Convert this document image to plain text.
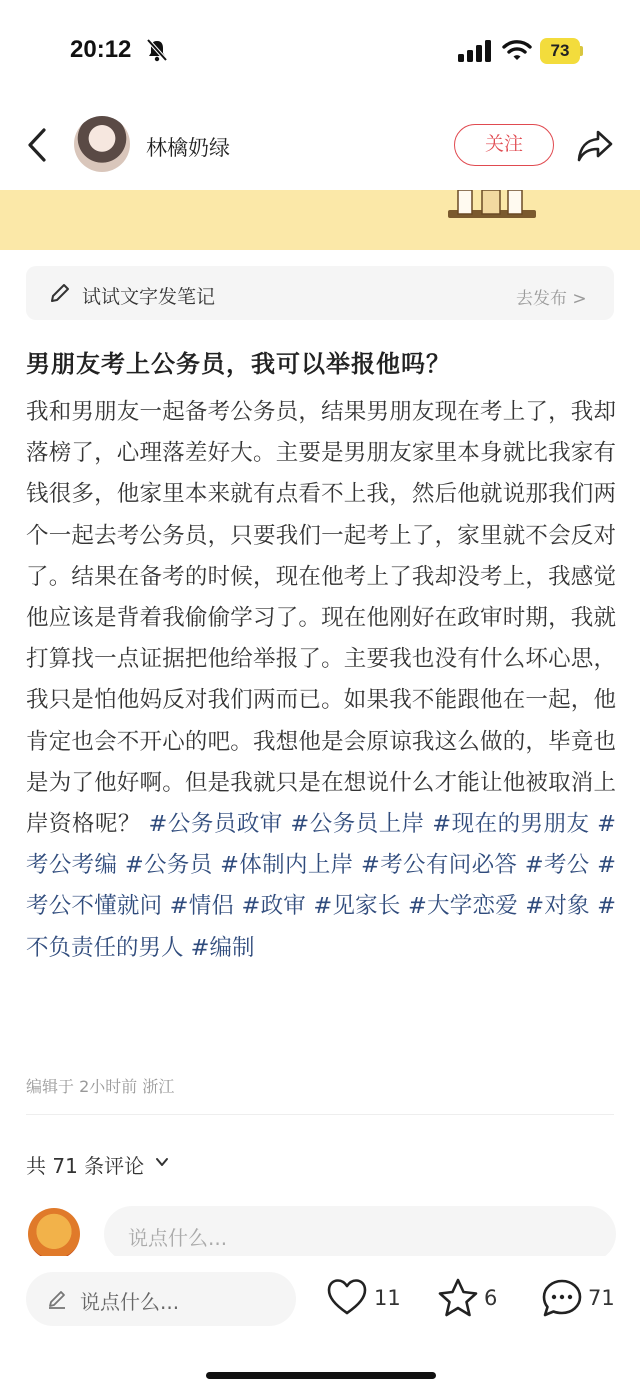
20:12	73
林檎奶绿	关注
试试文字发笔记	去发布 >
男朋友考上公务员，我可以举报他吗？
我和男朋友一起备考公务员，结果男朋友现在考上了，我却落榜了，心理落差好大。主要是男朋友家里本身就比我家有钱很多，他家里本来就有点看不上我，然后他就说那我们两个一起去考公务员，只要我们一起考上了，家里就不会反对了。结果在备考的时候，现在他考上了我却没考上，我感觉他应该是背着我偷偷学习了。现在他刚好在政审时期，我就打算找一点证据把他给举报了。主要我也没有什么坏心思，我只是怕他妈反对我们两而已。如果我不能跟他在一起，他肯定也会不开心的吧。我想他是会原谅我这么做的，毕竟也是为了他好啊。但是我就只是在想说什么才能让他被取消上岸资格呢？ #公务员政审 #公务员上岸 #现在的男朋友 #考公考编 #公务员 #体制内上岸 #考公有问必答 #考公 #考公不懂就问 #情侣 #政审 #见家长 #大学恋爱 #对象 #不负责任的男人 #编制
编辑于 2小时前 浙江
共 71 条评论
说点什么...
说点什么...	11	6	71
